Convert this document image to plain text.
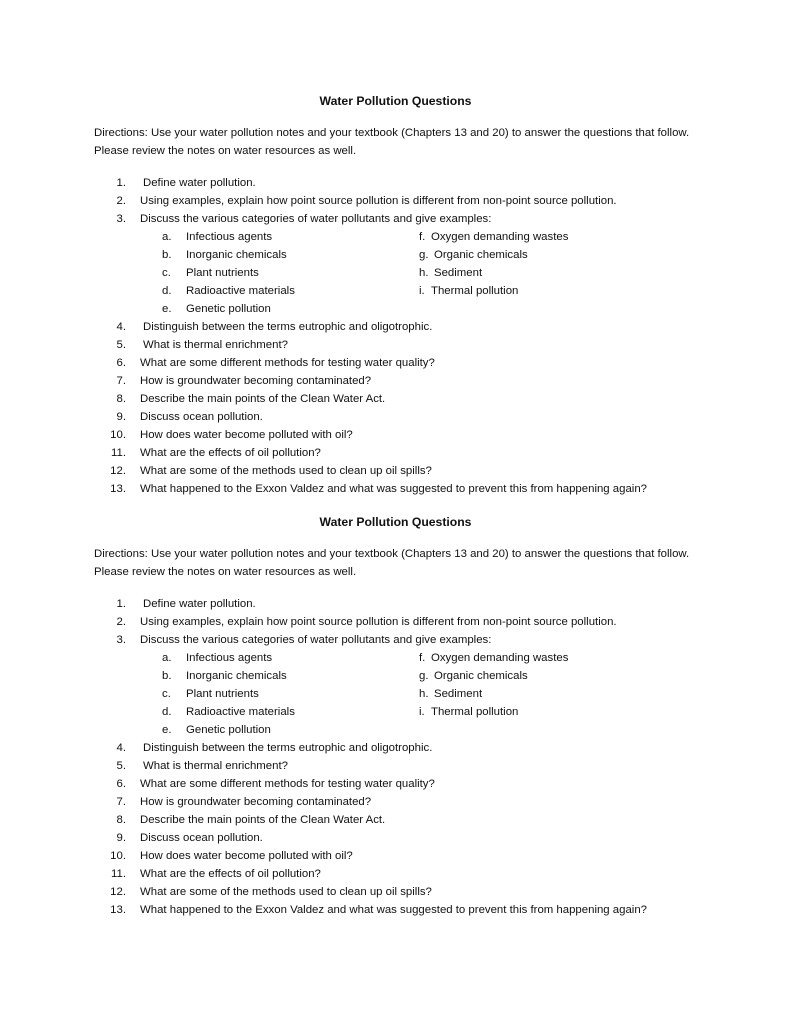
Water Pollution Questions
Directions: Use your water pollution notes and your textbook (Chapters 13 and 20) to answer the questions that follow. Please review the notes on water resources as well.
1. Define water pollution.
2. Using examples, explain how point source pollution is different from non-point source pollution.
3. Discuss the various categories of water pollutants and give examples:
a. Infectious agents	f. Oxygen demanding wastes
b. Inorganic chemicals	g. Organic chemicals
c. Plant nutrients	h. Sediment
d. Radioactive materials	i. Thermal pollution
e. Genetic pollution
4. Distinguish between the terms eutrophic and oligotrophic.
5. What is thermal enrichment?
6. What are some different methods for testing water quality?
7. How is groundwater becoming contaminated?
8. Describe the main points of the Clean Water Act.
9. Discuss ocean pollution.
10. How does water become polluted with oil?
11. What are the effects of oil pollution?
12. What are some of the methods used to clean up oil spills?
13. What happened to the Exxon Valdez and what was suggested to prevent this from happening again?
Water Pollution Questions
Directions: Use your water pollution notes and your textbook (Chapters 13 and 20) to answer the questions that follow. Please review the notes on water resources as well.
1. Define water pollution.
2. Using examples, explain how point source pollution is different from non-point source pollution.
3. Discuss the various categories of water pollutants and give examples:
a. Infectious agents	f. Oxygen demanding wastes
b. Inorganic chemicals	g. Organic chemicals
c. Plant nutrients	h. Sediment
d. Radioactive materials	i. Thermal pollution
e. Genetic pollution
4. Distinguish between the terms eutrophic and oligotrophic.
5. What is thermal enrichment?
6. What are some different methods for testing water quality?
7. How is groundwater becoming contaminated?
8. Describe the main points of the Clean Water Act.
9. Discuss ocean pollution.
10. How does water become polluted with oil?
11. What are the effects of oil pollution?
12. What are some of the methods used to clean up oil spills?
13. What happened to the Exxon Valdez and what was suggested to prevent this from happening again?
